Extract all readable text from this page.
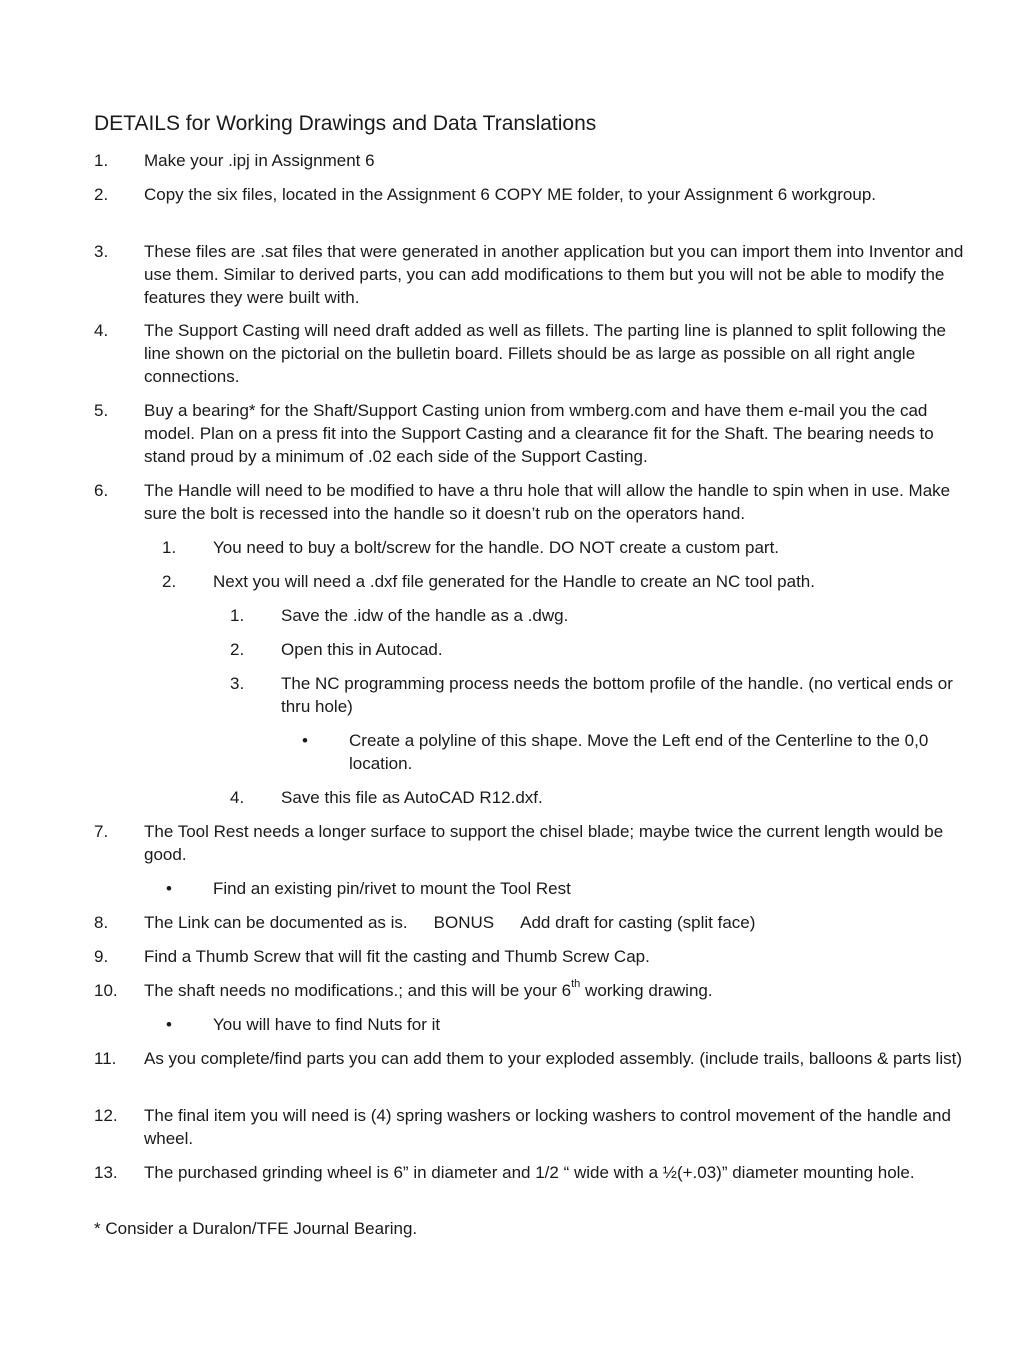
DETAILS for Working Drawings and Data Translations
1. Make your .ipj in Assignment 6
2. Copy the six files, located in the Assignment 6 COPY ME folder, to your Assignment 6 workgroup.
3. These files are .sat files that were generated in another application but you can import them into Inventor and use them. Similar to derived parts, you can add modifications to them but you will not be able to modify the features they were built with.
4. The Support Casting will need draft added as well as fillets. The parting line is planned to split following the line shown on the pictorial on the bulletin board. Fillets should be as large as possible on all right angle connections.
5. Buy a bearing* for the Shaft/Support Casting union from wmberg.com and have them e-mail you the cad model. Plan on a press fit into the Support Casting and a clearance fit for the Shaft. The bearing needs to stand proud by a minimum of .02 each side of the Support Casting.
6. The Handle will need to be modified to have a thru hole that will allow the handle to spin when in use. Make sure the bolt is recessed into the handle so it doesn’t rub on the operators hand.
1. You need to buy a bolt/screw for the handle. DO NOT create a custom part.
2. Next you will need a .dxf file generated for the Handle to create an NC tool path.
1. Save the .idw of the handle as a .dwg.
2. Open this in Autocad.
3. The NC programming process needs the bottom profile of the handle. (no vertical ends or thru hole)
• Create a polyline of this shape. Move the Left end of the Centerline to the 0,0 location.
4. Save this file as AutoCAD R12.dxf.
7. The Tool Rest needs a longer surface to support the chisel blade; maybe twice the current length would be good.
• Find an existing pin/rivet to mount the Tool Rest
8. The Link can be documented as is. BONUS Add draft for casting (split face)
9. Find a Thumb Screw that will fit the casting and Thumb Screw Cap.
10. The shaft needs no modifications.; and this will be your 6th working drawing.
• You will have to find Nuts for it
11. As you complete/find parts you can add them to your exploded assembly. (include trails, balloons & parts list)
12. The final item you will need is (4) spring washers or locking washers to control movement of the handle and wheel.
13. The purchased grinding wheel is 6” in diameter and 1/2 “ wide with a ½(+.03)” diameter mounting hole.
* Consider a Duralon/TFE Journal Bearing.
